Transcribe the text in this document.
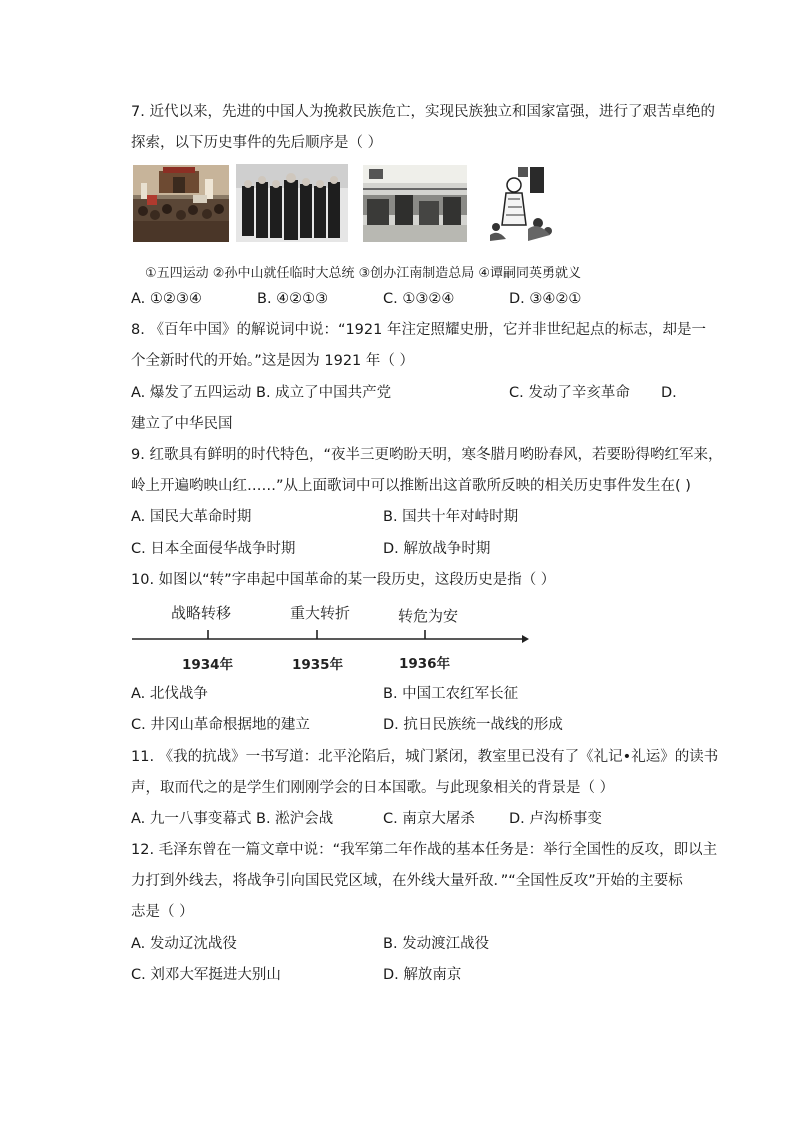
7. 近代以来，先进的中国人为挽救民族危亡，实现民族独立和国家富强，进行了艰苦卓绝的
探索，以下历史事件的先后顺序是（ ）
①五四运动 ②孙中山就任临时大总统 ③创办江南制造总局 ④谭嗣同英勇就义
A. ①②③④	B. ④②①③	C. ①③②④	D. ③④②①
8. 《百年中国》的解说词中说：“1921 年注定照耀史册，它并非世纪起点的标志，却是一
个全新时代的开始。”这是因为 1921 年（ ）
A. 爆发了五四运动 B. 成立了中国共产党	C. 发动了辛亥革命 D.
建立了中华民国
9. 红歌具有鲜明的时代特色，“夜半三更哟盼天明，寒冬腊月哟盼春风，若要盼得哟红军来，
岭上开遍哟映山红……”从上面歌词中可以推断出这首歌所反映的相关历史事件发生在( )
A. 国民大革命时期	B. 国共十年对峙时期
C. 日本全面侵华战争时期	D. 解放战争时期
10. 如图以“转”字串起中国革命的某一段历史，这段历史是指（ ）
战略转移	重大转折	转危为安
1934年	1935年	1936年
A. 北伐战争	B. 中国工农红军长征
C. 井冈山革命根据地的建立	D. 抗日民族统一战线的形成
11. 《我的抗战》一书写道：北平沦陷后，城门紧闭，教室里已没有了《礼记•礼运》的读书
声，取而代之的是学生们刚刚学会的日本国歌。与此现象相关的背景是（ ）
A. 九一八事变幕式 B. 淞沪会战	C. 南京大屠杀 D. 卢沟桥事变
12. 毛泽东曾在一篇文章中说：“我军第二年作战的基本任务是：举行全国性的反攻，即以主
力打到外线去，将战争引向国民党区域，在外线大量歼敌．”“全国性反攻”开始的主要标
志是（ ）
A. 发动辽沈战役	B. 发动渡江战役
C. 刘邓大军挺进大别山	D. 解放南京
